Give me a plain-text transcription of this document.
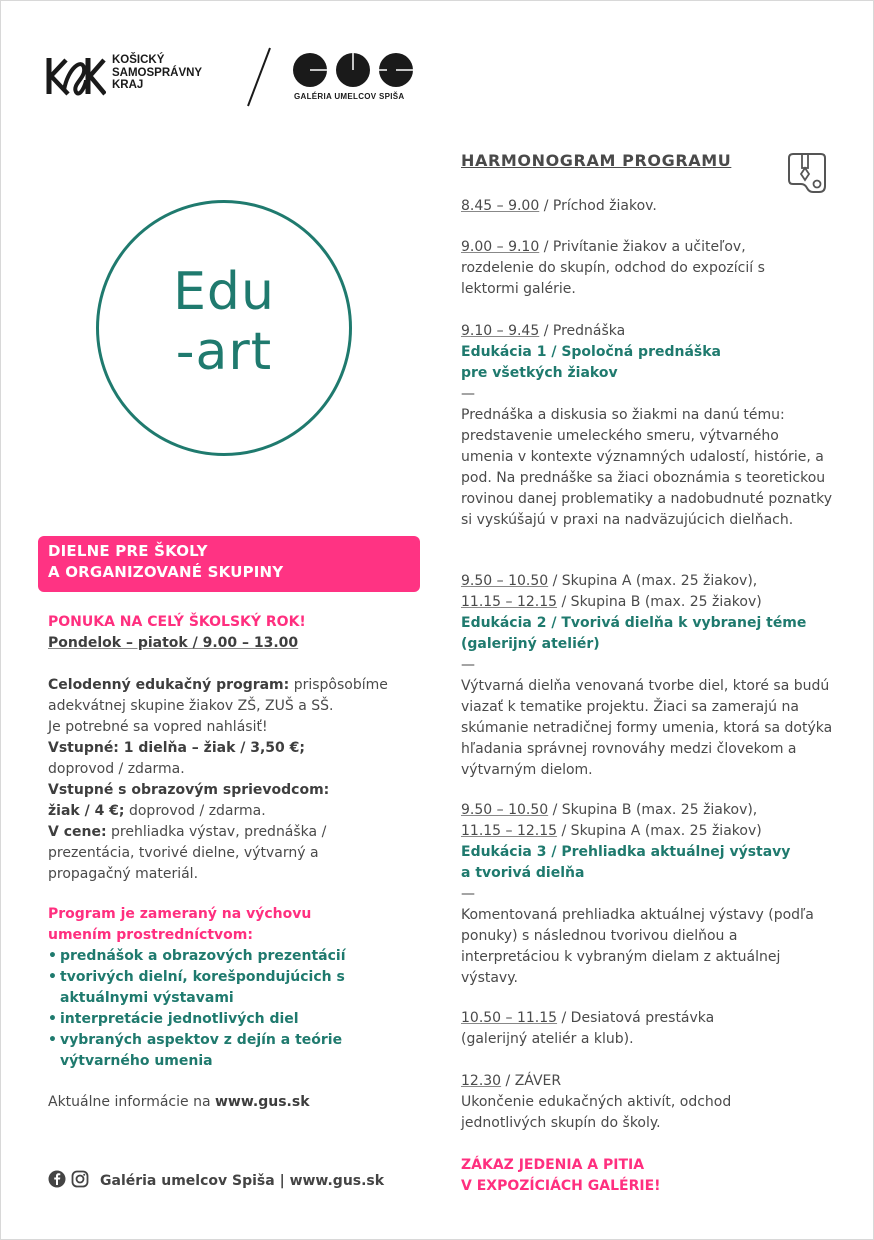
KOŠICKÝ
SAMOSPRÁVNY
KRAJ
GALÉRIA UMELCOV SPIŠA
Edu
-art
DIELNE PRE ŠKOLY
A ORGANIZOVANÉ SKUPINY
PONUKA NA CELÝ ŠKOLSKÝ ROK!
Pondelok – piatok / 9.00 – 13.00
Celodenný edukačný program: prispôsobíme adekvátnej skupine žiakov ZŠ, ZUŠ a SŠ.
Je potrebné sa vopred nahlásiť!
Vstupné: 1 dielňa – žiak / 3,50 €;
doprovod / zdarma.
Vstupné s obrazovým sprievodcom:
žiak / 4 €; doprovod / zdarma.
V cene: prehliadka výstav, prednáška / prezentácia, tvorivé dielne, výtvarný a propagačný materiál.
Program je zameraný na výchovu
umením prostredníctvom:
• prednášok a obrazových prezentácií
• tvorivých dielní, korešpondujúcich s aktuálnymi výstavami
• interpretácie jednotlivých diel
• vybraných aspektov z dejín a teórie výtvarného umenia
Aktuálne informácie na www.gus.sk
Galéria umelcov Spiša | www.gus.sk
HARMONOGRAM PROGRAMU
8.45 – 9.00 / Príchod žiakov.
9.00 – 9.10 / Privítanie žiakov a učiteľov, rozdelenie do skupín, odchod do expozícií s lektormi galérie.
9.10 – 9.45 / Prednáška
Edukácia 1 / Spoločná prednáška pre všetkých žiakov
—
Prednáška a diskusia so žiakmi na danú tému: predstavenie umeleckého smeru, výtvarného umenia v kontexte významných udalostí, histórie, a pod. Na prednáške sa žiaci oboznámia s teoretickou rovinou danej problematiky a nadobudnuté poznatky si vyskúšajú v praxi na nadväzujúcich dielňach.
9.50 – 10.50 / Skupina A (max. 25 žiakov),
11.15 – 12.15 / Skupina B (max. 25 žiakov)
Edukácia 2 / Tvorivá dielňa k vybranej téme (galerijný ateliér)
—
Výtvarná dielňa venovaná tvorbe diel, ktoré sa budú viazať k tematike projektu. Žiaci sa zamerajú na skúmanie netradičnej formy umenia, ktorá sa dotýka hľadania správnej rovnováhy medzi človekom a výtvarným dielom.
9.50 – 10.50 / Skupina B (max. 25 žiakov),
11.15 – 12.15 / Skupina A (max. 25 žiakov)
Edukácia 3 / Prehliadka aktuálnej výstavy a tvorivá dielňa
—
Komentovaná prehliadka aktuálnej výstavy (podľa ponuky) s následnou tvorivou dielňou a interpretáciou k vybraným dielam z aktuálnej výstavy.
10.50 – 11.15 / Desiatová prestávka (galerijný ateliér a klub).
12.30 / ZÁVER
Ukončenie edukačných aktivít, odchod jednotlivých skupín do školy.
ZÁKAZ JEDENIA A PITIA
V EXPOZÍCIÁCH GALÉRIE!
